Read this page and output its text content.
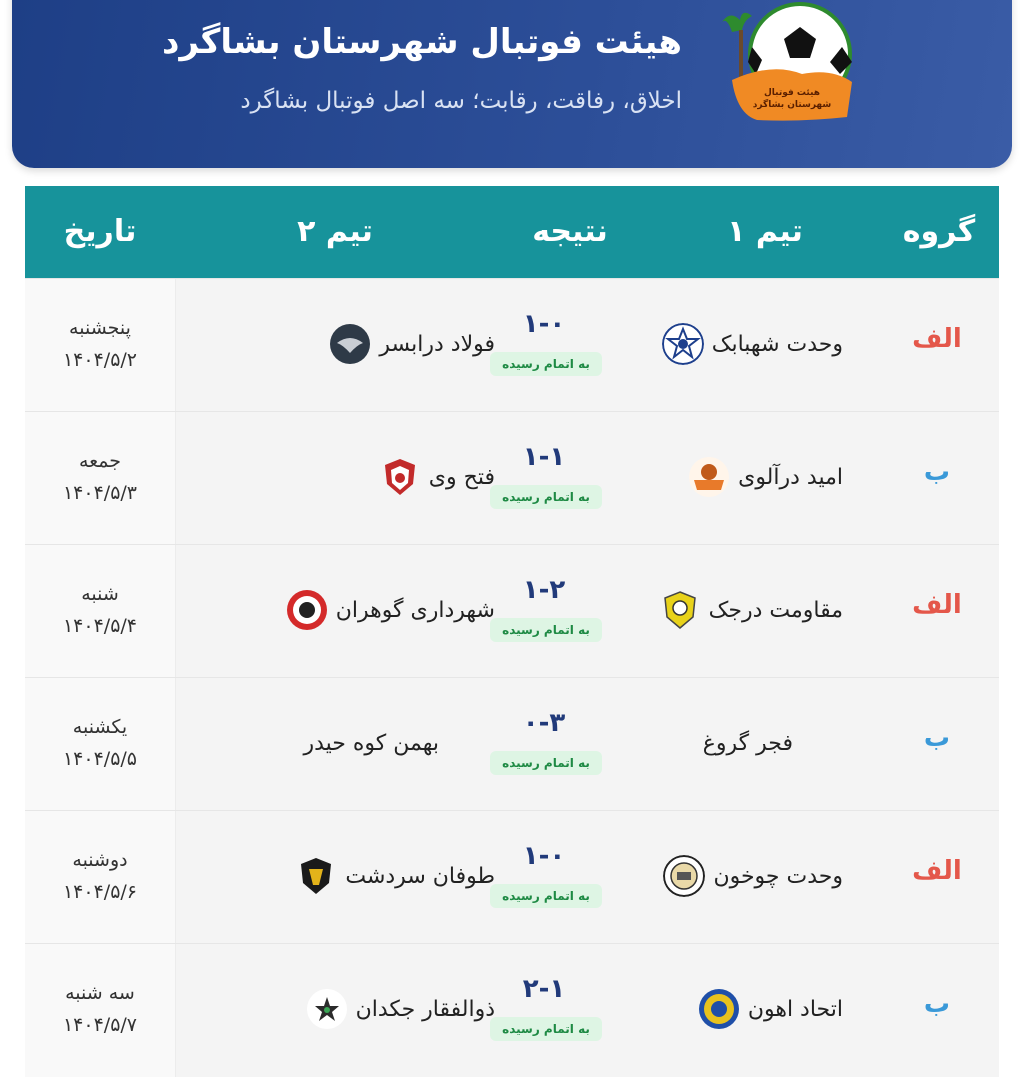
هیئت فوتبال
شهرستان بشاگرد
هیئت فوتبال شهرستان بشاگرد
اخلاق، رفاقت، رقابت؛ سه اصل فوتبال بشاگرد
گروه
تیم ۱
نتیجه
تیم ۲
تاریخ
پنجشنبه
۱۴۰۴/۵/۲
الف
وحدت شهبابک
۱-۰
به اتمام رسیده
فولاد درابسر
جمعه
۱۴۰۴/۵/۳
ب
امید درآلوی
۱-۱
به اتمام رسیده
فتح وی
شنبه
۱۴۰۴/۵/۴
الف
مقاومت درجک
۱-۲
به اتمام رسیده
شهرداری گوهران
یکشنبه
۱۴۰۴/۵/۵
ب
فجر گروغ
۰-۳
به اتمام رسیده
بهمن کوه حیدر
دوشنبه
۱۴۰۴/۵/۶
الف
وحدت چوخون
۱-۰
به اتمام رسیده
طوفان سردشت
سه شنبه
۱۴۰۴/۵/۷
ب
اتحاد اهون
۲-۱
به اتمام رسیده
ذوالفقار جکدان
